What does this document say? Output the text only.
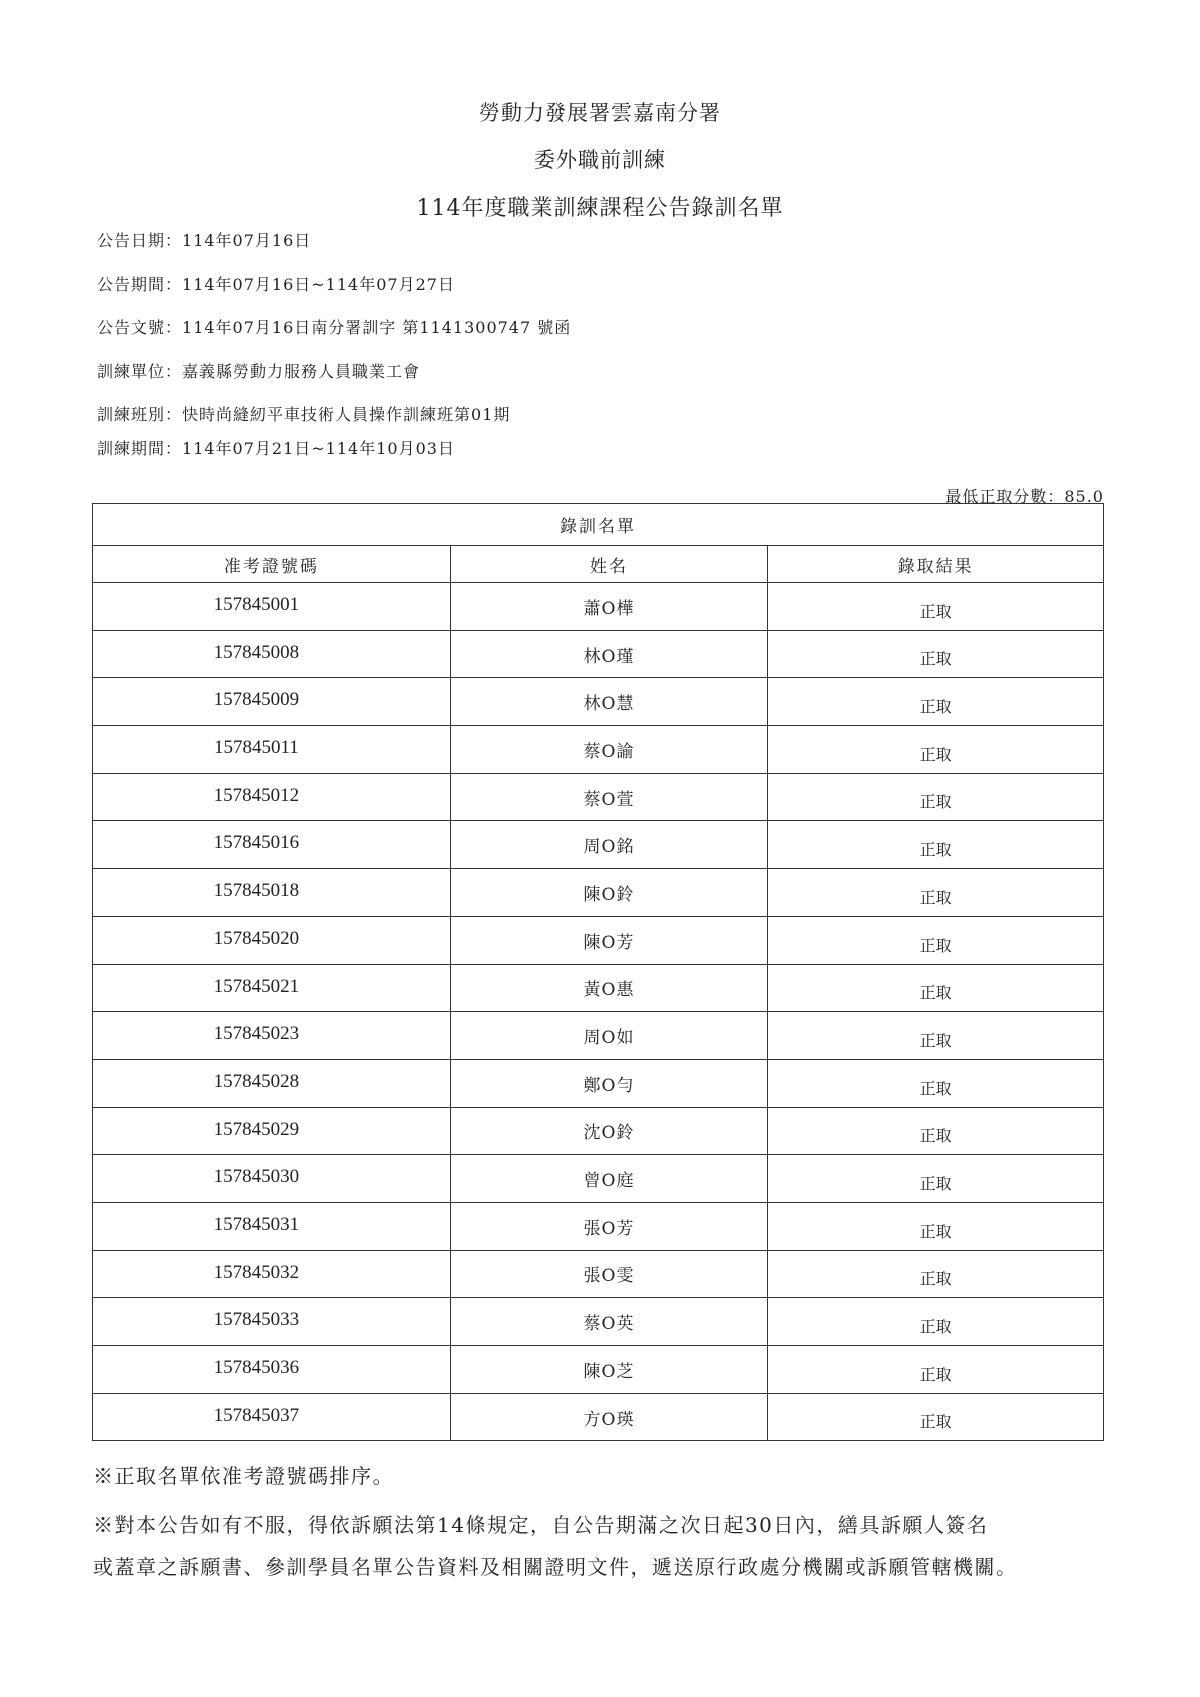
勞動力發展署雲嘉南分署
委外職前訓練
114年度職業訓練課程公告錄訓名單
公告日期：114年07月16日
公告期間：114年07月16日~114年07月27日
公告文號：114年07月16日南分署訓字 第1141300747 號函
訓練單位：嘉義縣勞動力服務人員職業工會
訓練班別：快時尚縫紉平車技術人員操作訓練班第01期
訓練期間：114年07月21日~114年10月03日
最低正取分數：85.0
錄訓名單		
准考證號碼	姓名	錄取結果
157845001	蕭O樺	正取
157845008	林O瑾	正取
157845009	林O慧	正取
157845011	蔡O諭	正取
157845012	蔡O萱	正取
157845016	周O銘	正取
157845018	陳O鈴	正取
157845020	陳O芳	正取
157845021	黃O惠	正取
157845023	周O如	正取
157845028	鄭O勻	正取
157845029	沈O鈴	正取
157845030	曾O庭	正取
157845031	張O芳	正取
157845032	張O雯	正取
157845033	蔡O英	正取
157845036	陳O芝	正取
157845037	方O瑛	正取
※正取名單依准考證號碼排序。
※對本公告如有不服，得依訴願法第14條規定，自公告期滿之次日起30日內，繕具訴願人簽名
或蓋章之訴願書、參訓學員名單公告資料及相關證明文件，遞送原行政處分機關或訴願管轄機關。
